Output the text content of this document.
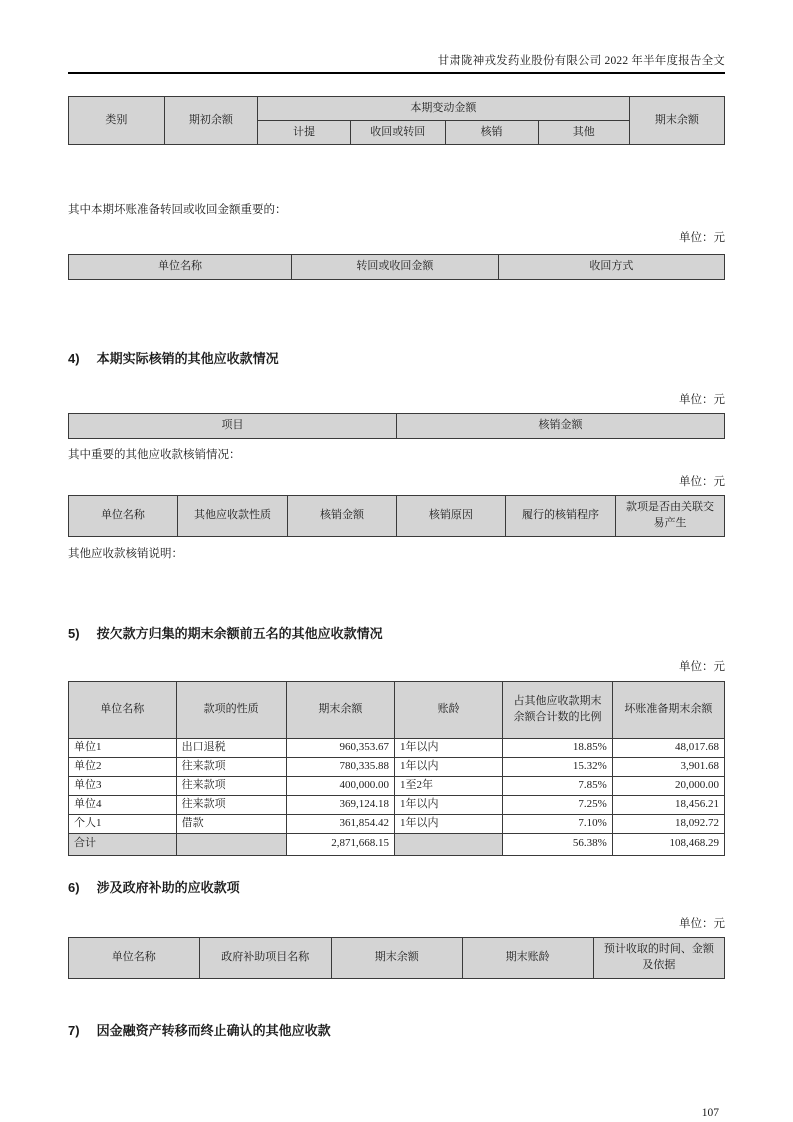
甘肃陇神戎发药业股份有限公司 2022 年半年度报告全文
类别	期初余额	本期变动金额				期末余额
		计提	收回或转回	核销	其他	
其中本期坏账准备转回或收回金额重要的：
单位：元
单位名称	转回或收回金额	收回方式
4) 本期实际核销的其他应收款情况
单位：元
项目	核销金额
其中重要的其他应收款核销情况：
单位：元
单位名称	其他应收款性质	核销金额	核销原因	履行的核销程序	款项是否由关联交易产生
其他应收款核销说明：
5) 按欠款方归集的期末余额前五名的其他应收款情况
单位：元
单位名称	款项的性质	期末余额	账龄	占其他应收款期末余额合计数的比例	坏账准备期末余额
单位1	出口退税	960,353.67	1年以内	18.85%	48,017.68
单位2	往来款项	780,335.88	1年以内	15.32%	3,901.68
单位3	往来款项	400,000.00	1至2年	7.85%	20,000.00
单位4	往来款项	369,124.18	1年以内	7.25%	18,456.21
个人1	借款	361,854.42	1年以内	7.10%	18,092.72
合计		2,871,668.15		56.38%	108,468.29
6) 涉及政府补助的应收款项
单位：元
单位名称	政府补助项目名称	期末余额	期末账龄	预计收取的时间、金额及依据
7) 因金融资产转移而终止确认的其他应收款
107
